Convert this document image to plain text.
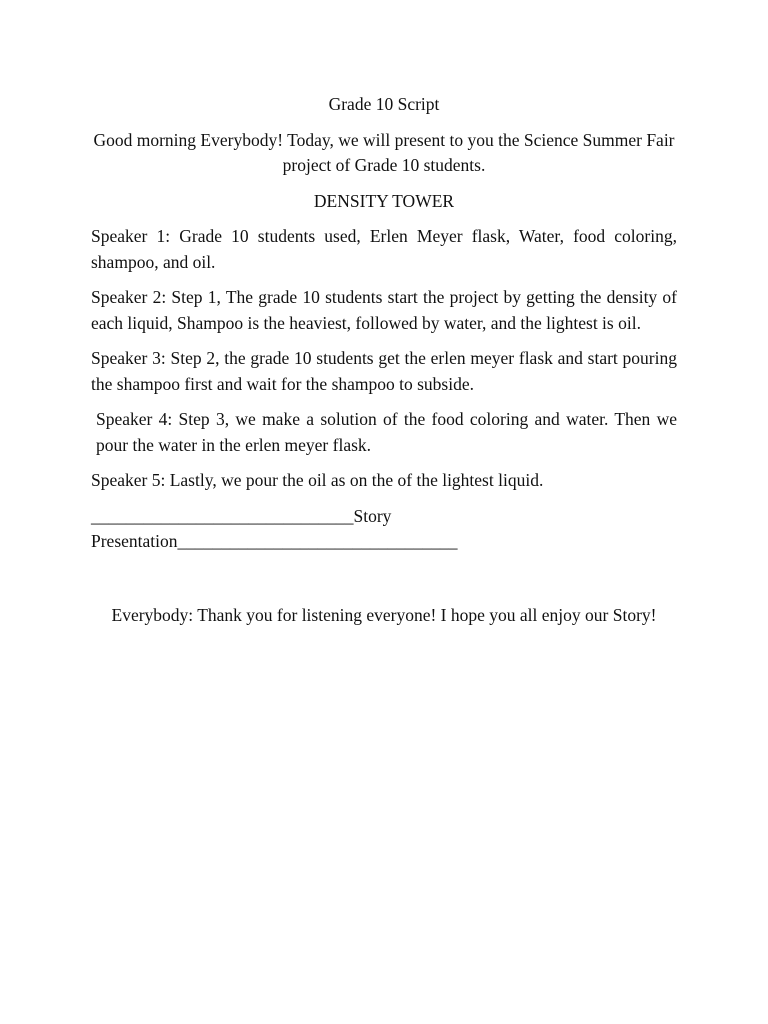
Grade 10 Script

Good morning Everybody! Today, we will present to you the Science Summer Fair project of Grade 10 students.

DENSITY TOWER

Speaker 1: Grade 10 students used, Erlen Meyer flask, Water, food coloring, shampoo, and oil.

Speaker 2: Step 1, The grade 10 students start the project by getting the density of each liquid, Shampoo is the heaviest, followed by water, and the lightest is oil.

Speaker 3: Step 2, the grade 10 students get the erlen meyer flask and start pouring the shampoo first and wait for the shampoo to subside.

Speaker 4: Step 3, we make a solution of the food coloring and water. Then we pour the water in the erlen meyer flask.

Speaker 5: Lastly, we pour the oil as on the of the lightest liquid.

______________________________Story

Presentation________________________________

Everybody: Thank you for listening everyone! I hope you all enjoy our Story!
